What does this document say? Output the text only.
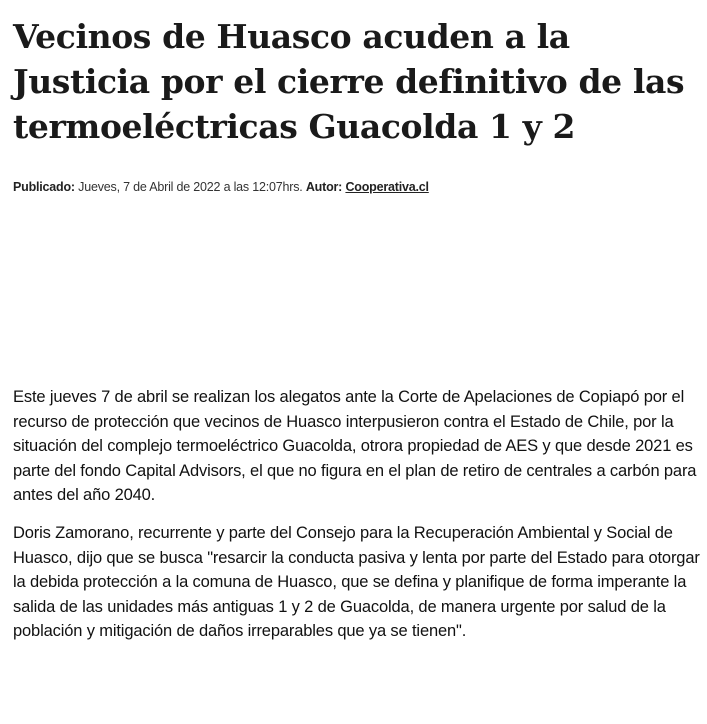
Vecinos de Huasco acuden a la Justicia por el cierre definitivo de las termoeléctricas Guacolda 1 y 2
Publicado: Jueves, 7 de Abril de 2022 a las 12:07hrs. Autor: Cooperativa.cl

Este jueves 7 de abril se realizan los alegatos ante la Corte de Apelaciones de Copiapó por el recurso de protección que vecinos de Huasco interpusieron contra el Estado de Chile, por la situación del complejo termoeléctrico Guacolda, otrora propiedad de AES y que desde 2021 es parte del fondo Capital Advisors, el que no figura en el plan de retiro de centrales a carbón para antes del año 2040.

Doris Zamorano, recurrente y parte del Consejo para la Recuperación Ambiental y Social de Huasco, dijo que se busca "resarcir la conducta pasiva y lenta por parte del Estado para otorgar la debida protección a la comuna de Huasco, que se defina y planifique de forma imperante la salida de las unidades más antiguas 1 y 2 de Guacolda, de manera urgente por salud de la población y mitigación de daños irreparables que ya se tienen".
